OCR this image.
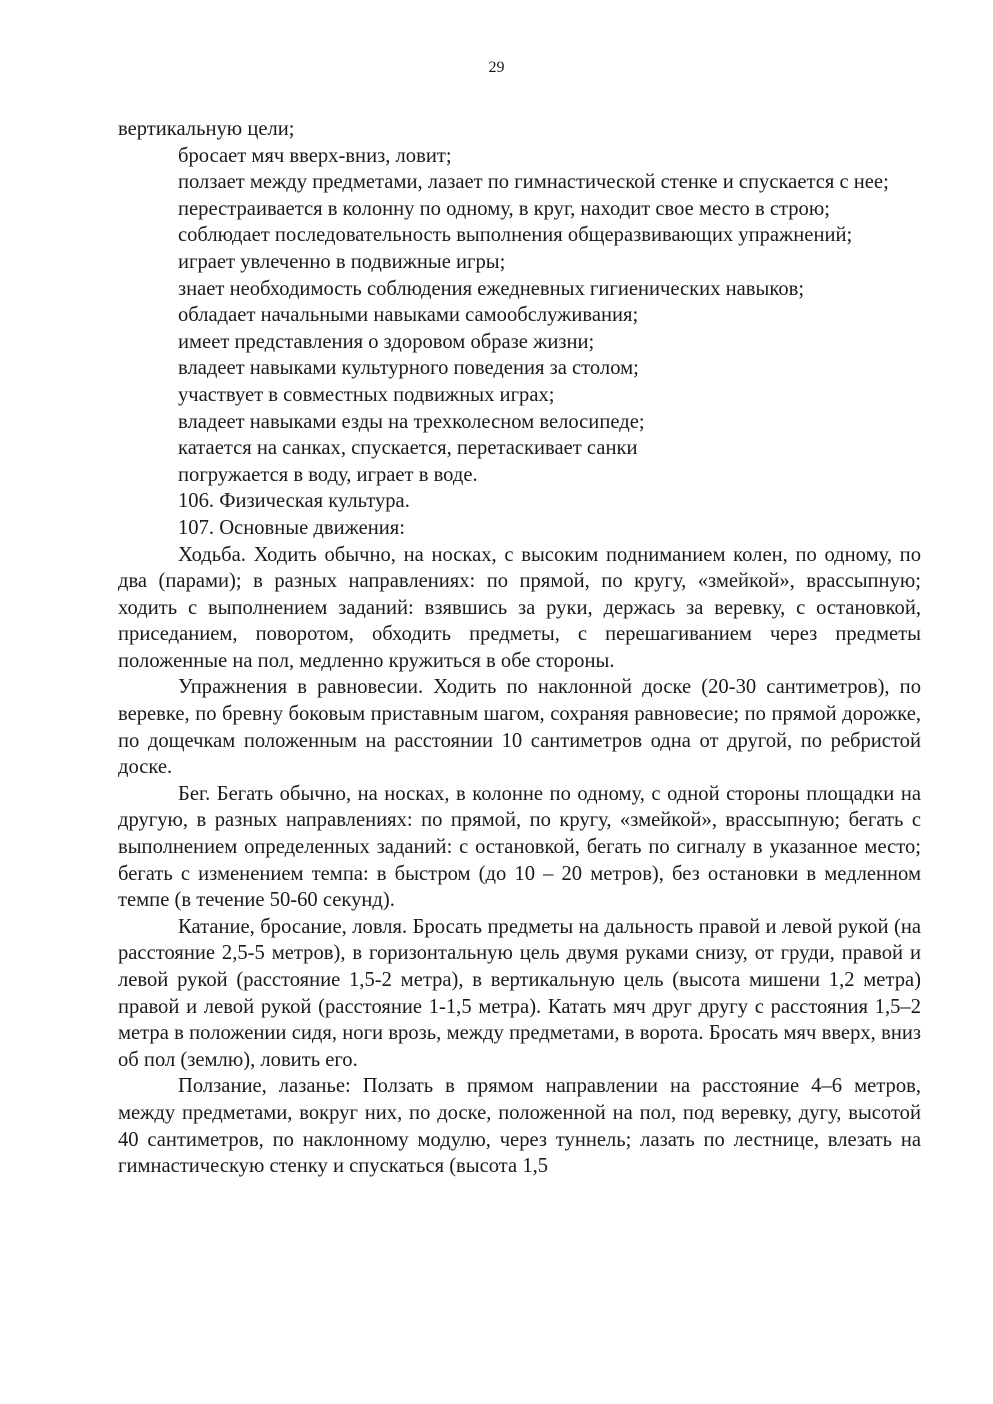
29

вертикальную цели;

бросает мяч вверх-вниз, ловит;

ползает между предметами, лазает по гимнастической стенке и спускается с нее;

перестраивается в колонну по одному, в круг, находит свое место в строю;

соблюдает последовательность выполнения общеразвивающих упражнений;

играет увлеченно в подвижные игры;

знает необходимость соблюдения ежедневных гигиенических навыков;

обладает начальными навыками самообслуживания;

имеет представления о здоровом образе жизни;

владеет навыками культурного поведения за столом;

участвует в совместных подвижных играх;

владеет навыками езды на трехколесном велосипеде;

катается на санках, спускается, перетаскивает санки

погружается в воду, играет в воде.

106. Физическая культура.

107. Основные движения:

Ходьба. Ходить обычно, на носках, с высоким подниманием колен, по одному, по два (парами); в разных направлениях: по прямой, по кругу, «змейкой», врассыпную; ходить с выполнением заданий: взявшись за руки, держась за веревку, с остановкой, приседанием, поворотом, обходить предметы, с перешагиванием через предметы положенные на пол, медленно кружиться в обе стороны.

Упражнения в равновесии. Ходить по наклонной доске (20-30 сантиметров), по веревке, по бревну боковым приставным шагом, сохраняя равновесие; по прямой дорожке, по дощечкам положенным на расстоянии 10 сантиметров одна от другой, по ребристой доске.

Бег. Бегать обычно, на носках, в колонне по одному, с одной стороны площадки на другую, в разных направлениях: по прямой, по кругу, «змейкой», врассыпную; бегать с выполнением определенных заданий: с остановкой, бегать по сигналу в указанное место; бегать с изменением темпа: в быстром (до 10 – 20 метров), без остановки в медленном темпе (в течение 50-60 секунд).

Катание, бросание, ловля. Бросать предметы на дальность правой и левой рукой (на расстояние 2,5-5 метров), в горизонтальную цель двумя руками снизу, от груди, правой и левой рукой (расстояние 1,5-2 метра), в вертикальную цель (высота мишени 1,2 метра) правой и левой рукой (расстояние 1-1,5 метра). Катать мяч друг другу с расстояния 1,5–2 метра в положении сидя, ноги врозь, между предметами, в ворота. Бросать мяч вверх, вниз об пол (землю), ловить его.

Ползание, лазанье: Ползать в прямом направлении на расстояние 4–6 метров, между предметами, вокруг них, по доске, положенной на пол, под веревку, дугу, высотой 40 сантиметров, по наклонному модулю, через туннель; лазать по лестнице, влезать на гимнастическую стенку и спускаться (высота 1,5
